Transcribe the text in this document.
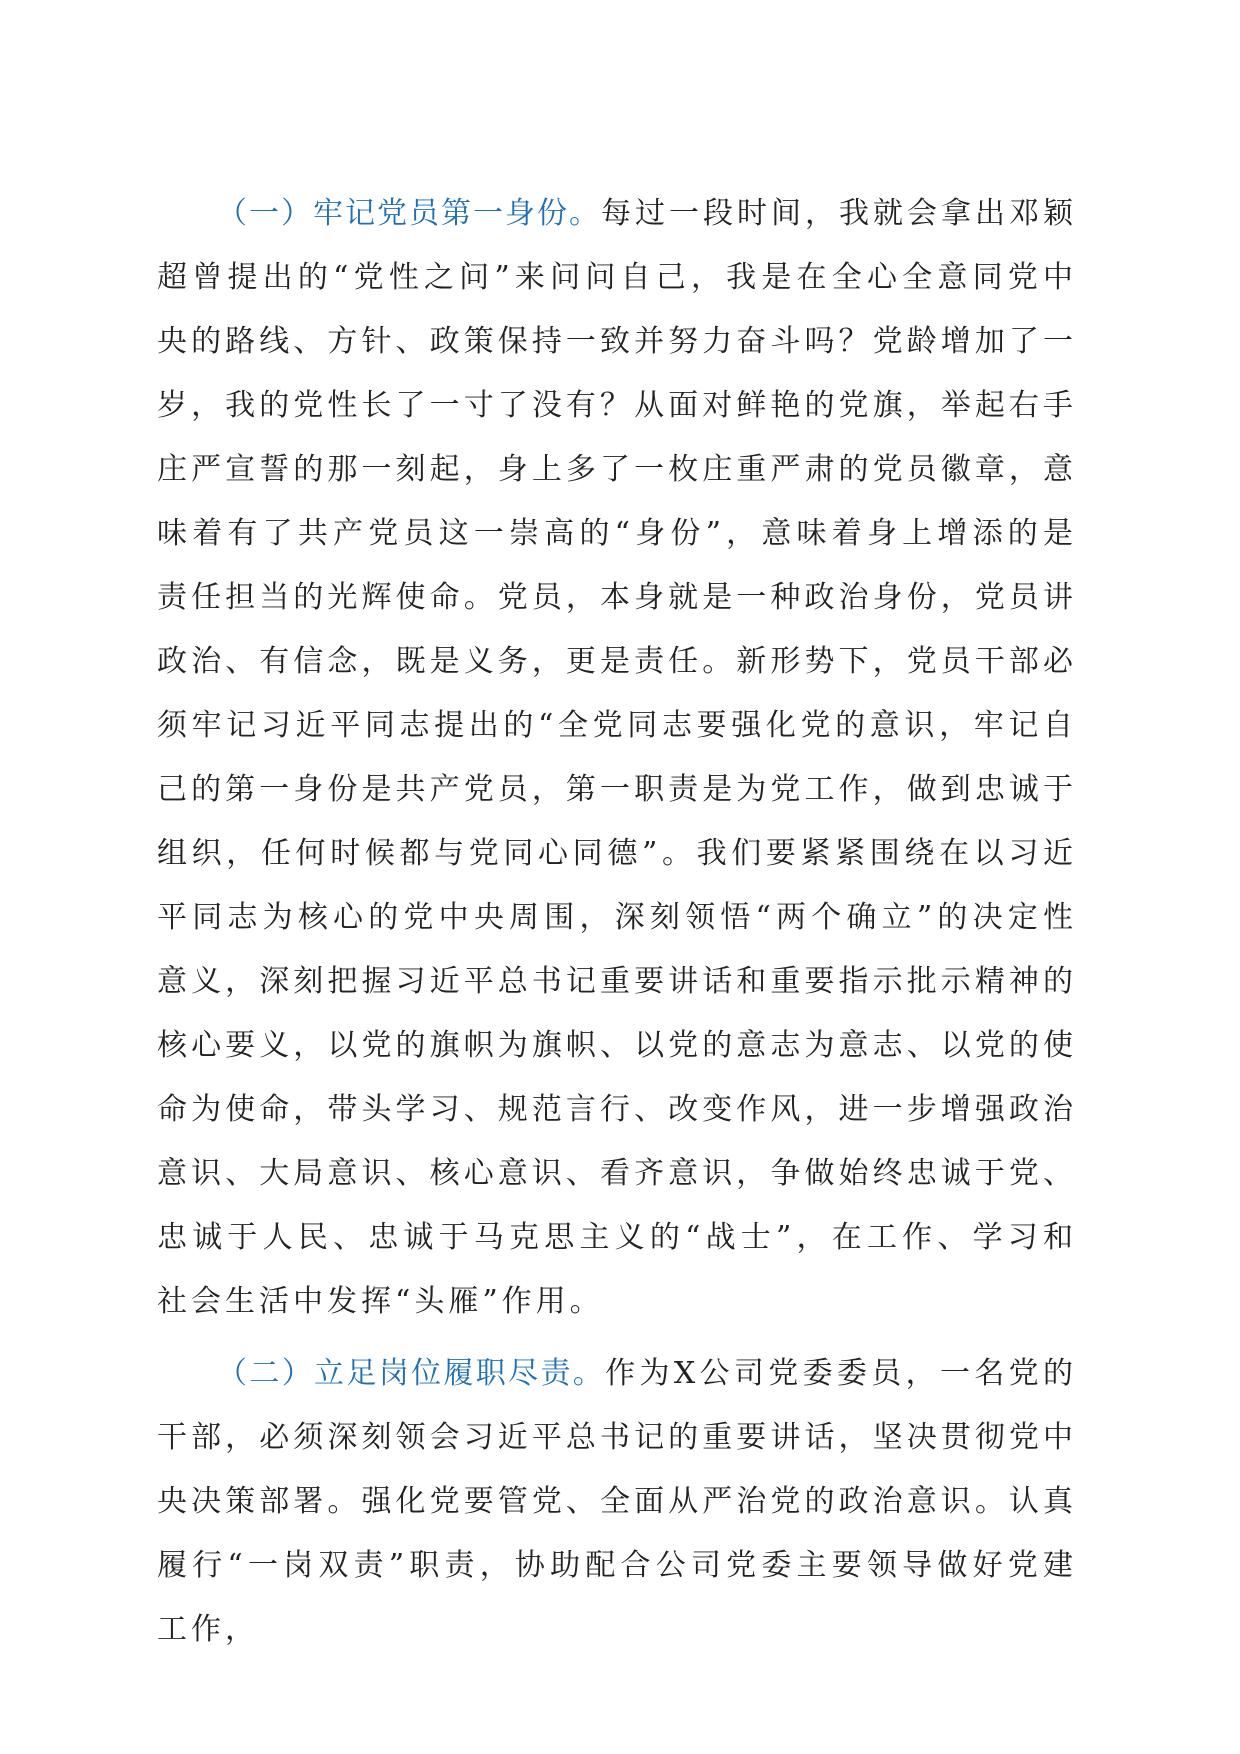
（一）牢记党员第一身份。每过一段时间，我就会拿出邓颖超曾提出的“党性之问”来问问自己，我是在全心全意同党中央的路线、方针、政策保持一致并努力奋斗吗？党龄增加了一岁，我的党性长了一寸了没有？从面对鲜艳的党旗，举起右手庄严宣誓的那一刻起，身上多了一枚庄重严肃的党员徽章，意味着有了共产党员这一崇高的“身份”，意味着身上增添的是责任担当的光辉使命。党员，本身就是一种政治身份，党员讲政治、有信念，既是义务，更是责任。新形势下，党员干部必须牢记习近平同志提出的“全党同志要强化党的意识，牢记自己的第一身份是共产党员，第一职责是为党工作，做到忠诚于组织，任何时候都与党同心同德”。我们要紧紧围绕在以习近平同志为核心的党中央周围，深刻领悟“两个确立”的决定性意义，深刻把握习近平总书记重要讲话和重要指示批示精神的核心要义，以党的旗帜为旗帜、以党的意志为意志、以党的使命为使命，带头学习、规范言行、改变作风，进一步增强政治意识、大局意识、核心意识、看齐意识，争做始终忠诚于党、忠诚于人民、忠诚于马克思主义的“战士”，在工作、学习和社会生活中发挥“头雁”作用。

（二）立足岗位履职尽责。作为X公司党委委员，一名党的干部，必须深刻领会习近平总书记的重要讲话，坚决贯彻党中央决策部署。强化党要管党、全面从严治党的政治意识。认真履行“一岗双责”职责，协助配合公司党委主要领导做好党建工作，
